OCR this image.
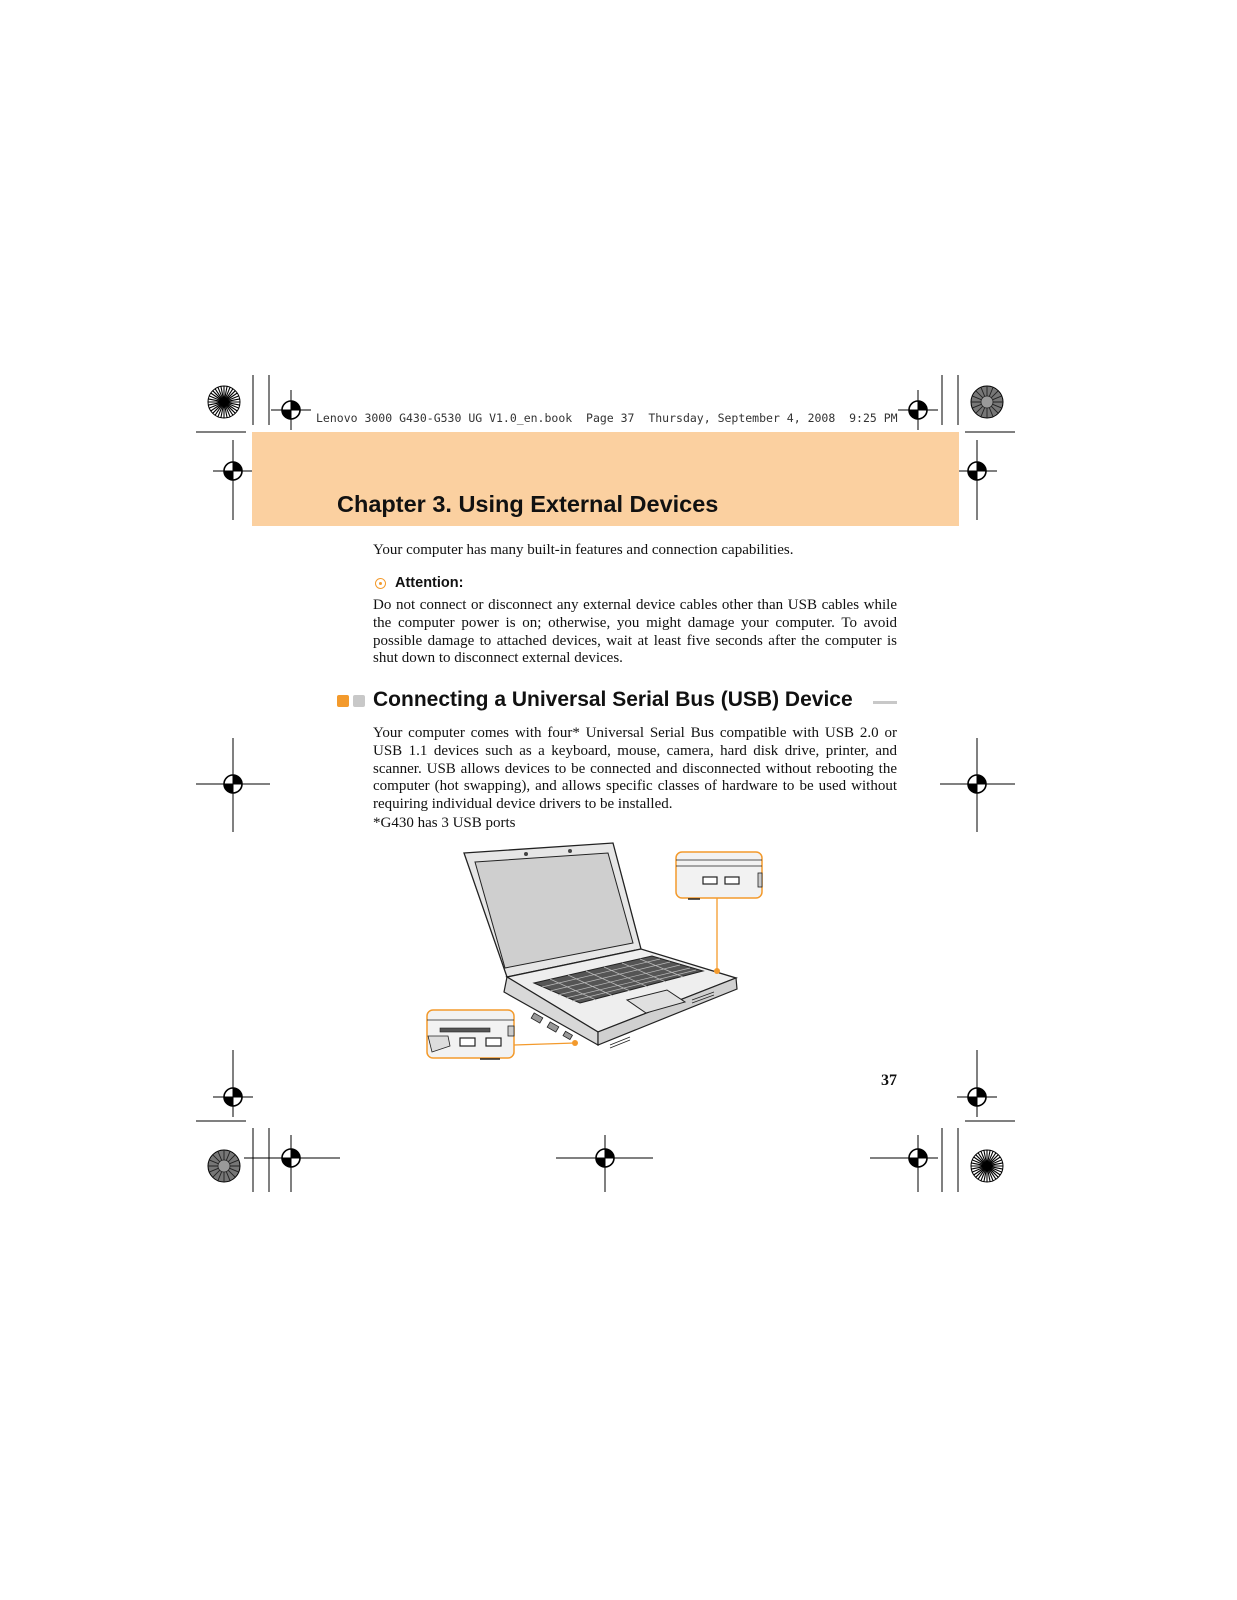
Lenovo 3000 G430-G530 UG V1.0_en.book  Page 37  Thursday, September 4, 2008  9:25 PM
Chapter 3. Using External Devices
Your computer has many built-in features and connection capabilities.
Attention:
Do not connect or disconnect any external device cables other than USB cables while the computer power is on; otherwise, you might damage your computer. To avoid possible damage to attached devices, wait at least five seconds after the computer is shut down to disconnect external devices.
Connecting a Universal Serial Bus (USB) Device
Your computer comes with four* Universal Serial Bus compatible with USB 2.0 or USB 1.1 devices such as a keyboard, mouse, camera, hard disk drive, printer, and scanner. USB allows devices to be connected and disconnected without rebooting the computer (hot swapping), and allows specific classes of hardware to be used without requiring individual device drivers to be installed.
*G430 has 3 USB ports
37
